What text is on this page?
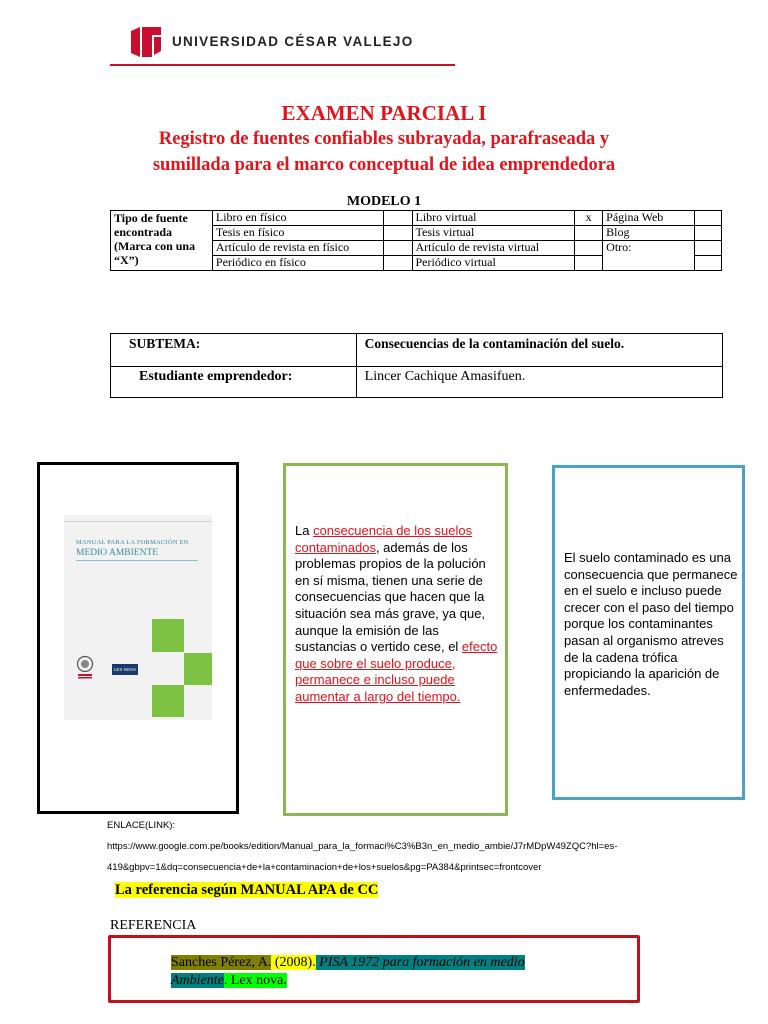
UNIVERSIDAD CÉSAR VALLEJO
EXAMEN PARCIAL I
Registro de fuentes confiables subrayada, parafraseada y
sumillada para el marco conceptual de idea emprendedora
MODELO 1
Tipo de fuente
encontrada
(Marca con una
“X”)	Libro en físico		Libro virtual	x	Página Web	
	Tesis en físico		Tesis virtual		Blog	
	Artículo de revista en físico		Artículo de revista virtual		Otro:	
	Periódico en físico		Periódico virtual			
SUBTEMA:	Consecuencias de la contaminación del suelo.
Estudiante emprendedor:	Lincer Cachique Amasifuen.
MANUAL PARA LA FORMACIÓN EN
MEDIO AMBIENTE
LEX NOVA
La consecuencia de los suelos contaminados, además de los problemas propios de la polución en sí misma, tienen una serie de consecuencias que hacen que la situación sea más grave, ya que, aunque la emisión de las sustancias o vertido cese, el efecto que sobre el suelo produce, permanece e incluso puede aumentar a largo del tiempo.
El suelo contaminado es una consecuencia que permanece en el suelo e incluso puede crecer con el paso del tiempo porque los contaminantes pasan al organismo atreves de la cadena trófica propiciando la aparición de enfermedades.
ENLACE(LINK):
https://www.google.com.pe/books/edition/Manual_para_la_formaci%C3%B3n_en_medio_ambie/J7rMDpW49ZQC?hl=es-
419&gbpv=1&dq=consecuencia+de+la+contaminacion+de+los+suelos&pg=PA384&printsec=frontcover
La referencia según MANUAL APA de CC
REFERENCIA
Sanches Pérez, A. (2008). PISA 1972 para formación en medio
Ambiente. Lex nova.
